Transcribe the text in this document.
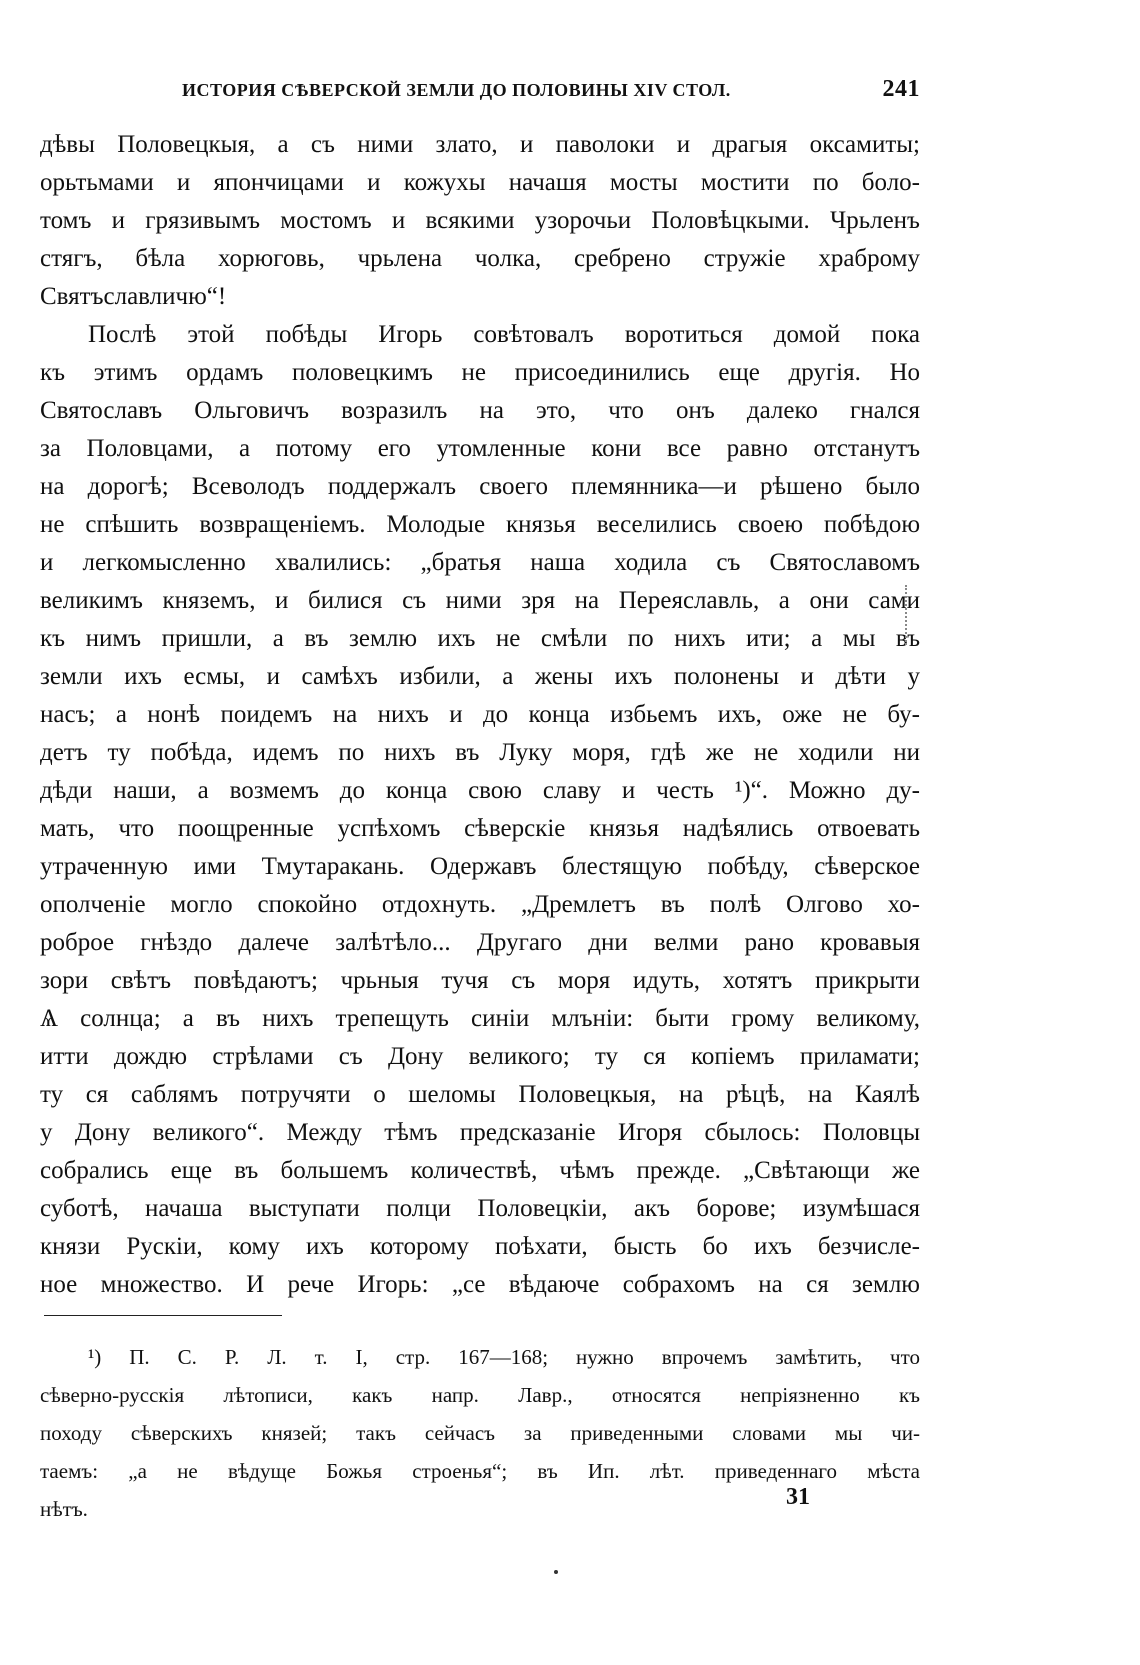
ИСТОРИЯ СѢВЕРСКОЙ ЗЕМЛИ ДО ПОЛОВИНЫ XIV СТОЛ.	241
дѣвы Половецкыя, а съ ними злато, и паволоки и драгыя оксамиты;
орьтьмами и япончицами и кожухы начашя мосты мостити по боло-
томъ и грязивымъ мостомъ и всякими узорочьи Половѣцкыми. Чрьленъ
стягъ, бѣла хорюговь, чрьлена чолка, сребрено стружіе храброму
Святъславличю“!
Послѣ этой побѣды Игорь совѣтовалъ воротиться домой пока
къ этимъ ордамъ половецкимъ не присоединились еще другія. Но
Святославъ Ольговичъ возразилъ на это, что онъ далеко гнался
за Половцами, а потому его утомленные кони все равно отстанутъ
на дорогѣ; Всеволодъ поддержалъ своего племянника—и рѣшено было
не спѣшить возвращеніемъ. Молодые князья веселились своею побѣдою
и легкомысленно хвалились: „братья наша ходила съ Святославомъ
великимъ княземъ, и билися съ ними зря на Переяславль, а они сами
къ нимъ пришли, а въ землю ихъ не смѣли по нихъ ити; а мы въ
земли ихъ есмы, и самѣхъ избили, а жены ихъ полонены и дѣти у
насъ; а нонѣ поидемъ на нихъ и до конца избьемъ ихъ, оже не бу-
детъ ту побѣда, идемъ по нихъ въ Луку моря, гдѣ же не ходили ни
дѣди наши, а возмемъ до конца свою славу и честь ¹)“. Можно ду-
мать, что поощренные успѣхомъ сѣверскіе князья надѣялись отвоевать
утраченную ими Тмутаракань. Одержавъ блестящую побѣду, сѣверское
ополченіе могло спокойно отдохнуть. „Дремлетъ въ полѣ Олгово хо-
роброе гнѣздо далече залѣтѣло... Другаго дни велми рано кровавыя
зори свѣтъ повѣдаютъ; чрьныя тучя съ моря идуть, хотятъ прикрыти
Ѧ солнца; а въ нихъ трепещуть синіи млъніи: быти грому великому,
итти дождю стрѣлами съ Дону великого; ту ся копіемъ приламати;
ту ся саблямъ потручяти о шеломы Половецкыя, на рѣцѣ, на Каялѣ
у Дону великого“. Между тѣмъ предсказаніе Игоря сбылось: Половцы
собрались еще въ большемъ количествѣ, чѣмъ прежде. „Свѣтающи же
суботѣ, начашa выступати полци Половецкіи, акъ борове; изумѣшася
князи Рускіи, кому ихъ которому поѣхати, бысть бо ихъ безчисле-
ное множество. И рече Игорь: „се вѣдаюче собрахомъ на ся землю
¹) П. С. Р. Л. т. I, стр. 167—168; нужно впрочемъ замѣтить, что
сѣверно-русскія лѣтописи, какъ напр. Лавр., относятся непріязненно къ
походу сѣверскихъ князей; такъ сейчасъ за приведенными словами мы чи-
таемъ: „а не вѣдуще Божья строенья“; въ Ип. лѣт. приведеннаго мѣста
нѣтъ.	31
